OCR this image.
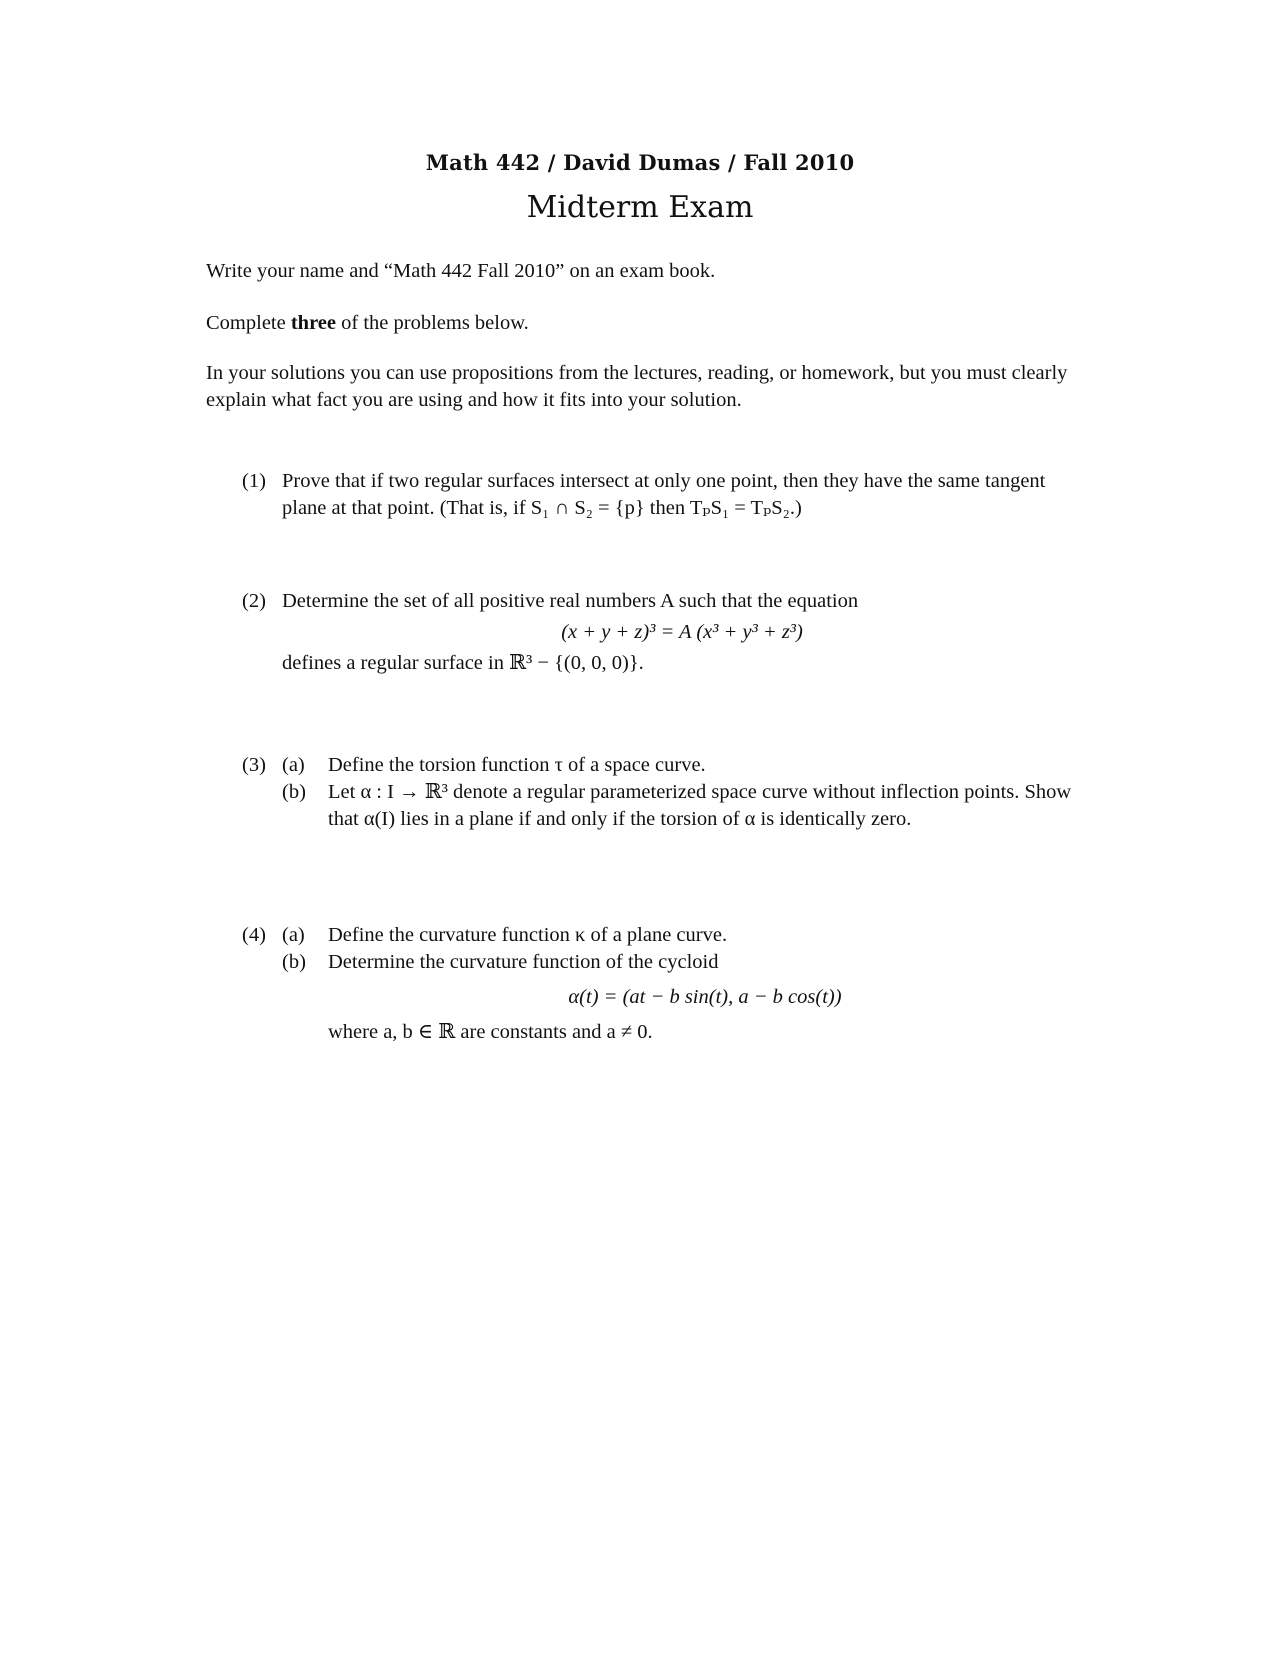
Math 442 / David Dumas / Fall 2010
Midterm Exam
Write your name and “Math 442 Fall 2010” on an exam book.
Complete three of the problems below.
In your solutions you can use propositions from the lectures, reading, or homework, but you must clearly explain what fact you are using and how it fits into your solution.
(1) Prove that if two regular surfaces intersect at only one point, then they have the same tangent plane at that point. (That is, if S₁ ∩ S₂ = {p} then TₚS₁ = TₚS₂.)
(2) Determine the set of all positive real numbers A such that the equation
(x + y + z)³ = A (x³ + y³ + z³)
defines a regular surface in ℝ³ − {(0, 0, 0)}.
(3) (a) Define the torsion function τ of a space curve.
(b) Let α : I → ℝ³ denote a regular parameterized space curve without inflection points. Show that α(I) lies in a plane if and only if the torsion of α is identically zero.
(4) (a) Define the curvature function κ of a plane curve.
(b) Determine the curvature function of the cycloid
α(t) = (at − b sin(t), a − b cos(t))
where a, b ∈ ℝ are constants and a ≠ 0.
